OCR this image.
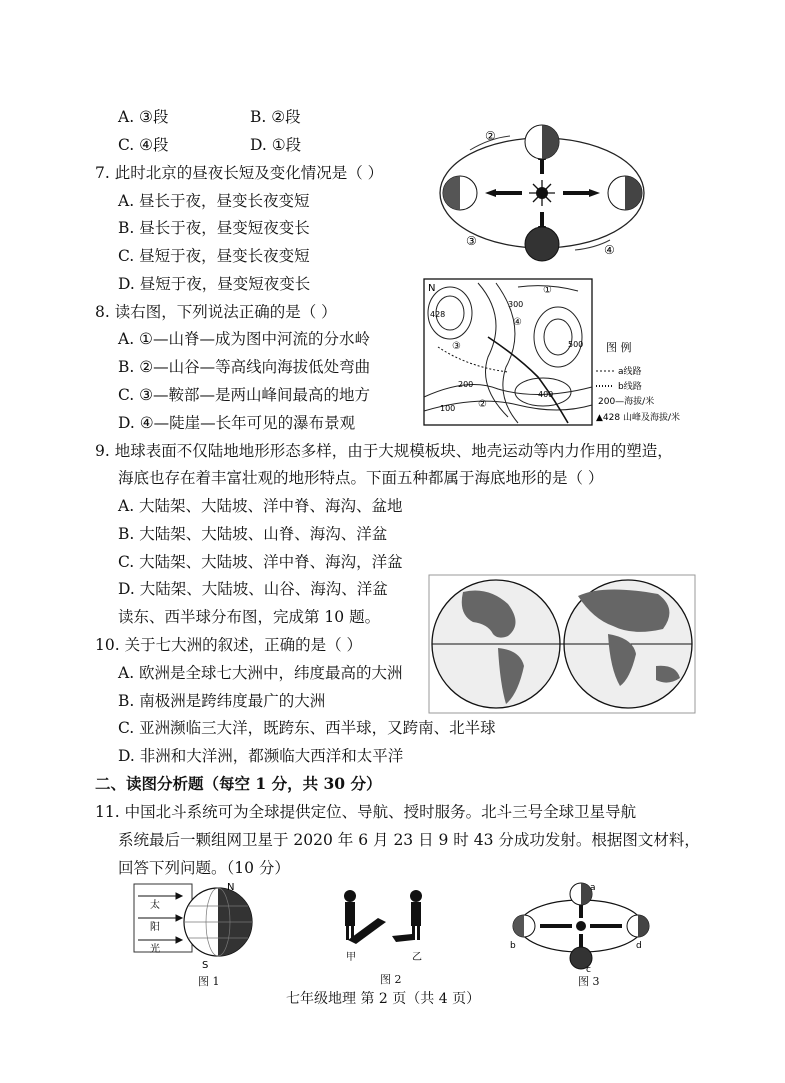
A. ③段	B. ②段
C. ④段	D. ①段
7. 此时北京的昼夜长短及变化情况是（ ）
A. 昼长于夜，昼变长夜变短
B. 昼长于夜，昼变短夜变长
C. 昼短于夜，昼变长夜变短
D. 昼短于夜，昼变短夜变长
8. 读右图，下列说法正确的是（ ）
A. ①—山脊—成为图中河流的分水岭
B. ②—山谷—等高线向海拔低处弯曲
C. ③—鞍部—是两山峰间最高的地方
D. ④—陡崖—长年可见的瀑布景观
9. 地球表面不仅陆地地形形态多样，由于大规模板块、地壳运动等内力作用的塑造，
海底也存在着丰富壮观的地形特点。下面五种都属于海底地形的是（ ）
A. 大陆架、大陆坡、洋中脊、海沟、盆地
B. 大陆架、大陆坡、山脊、海沟、洋盆
C. 大陆架、大陆坡、洋中脊、海沟，洋盆
D. 大陆架、大陆坡、山谷、海沟、洋盆
读东、西半球分布图，完成第 10 题。
10. 关于七大洲的叙述，正确的是（ ）
A. 欧洲是全球七大洲中，纬度最高的大洲
B. 南极洲是跨纬度最广的大洲
C. 亚洲濒临三大洋，既跨东、西半球，又跨南、北半球
D. 非洲和大洋洲，都濒临大西洋和太平洋
二、读图分析题（每空 1 分，共 30 分）
11. 中国北斗系统可为全球提供定位、导航、授时服务。北斗三号全球卫星导航
系统最后一颗组网卫星于 2020 年 6 月 23 日 9 时 43 分成功发射。根据图文材料，
回答下列问题。（10 分）
②
③
④
N
428
300
200
100
500
400
①
②
③
④
图 例
a线路
b线路
200—海拔/米
▲428 山峰及海拔/米
太
阳
光
N
S
图 1
甲	乙
图 2
a
b
c
d
图 3
七年级地理 第 2 页（共 4 页）
